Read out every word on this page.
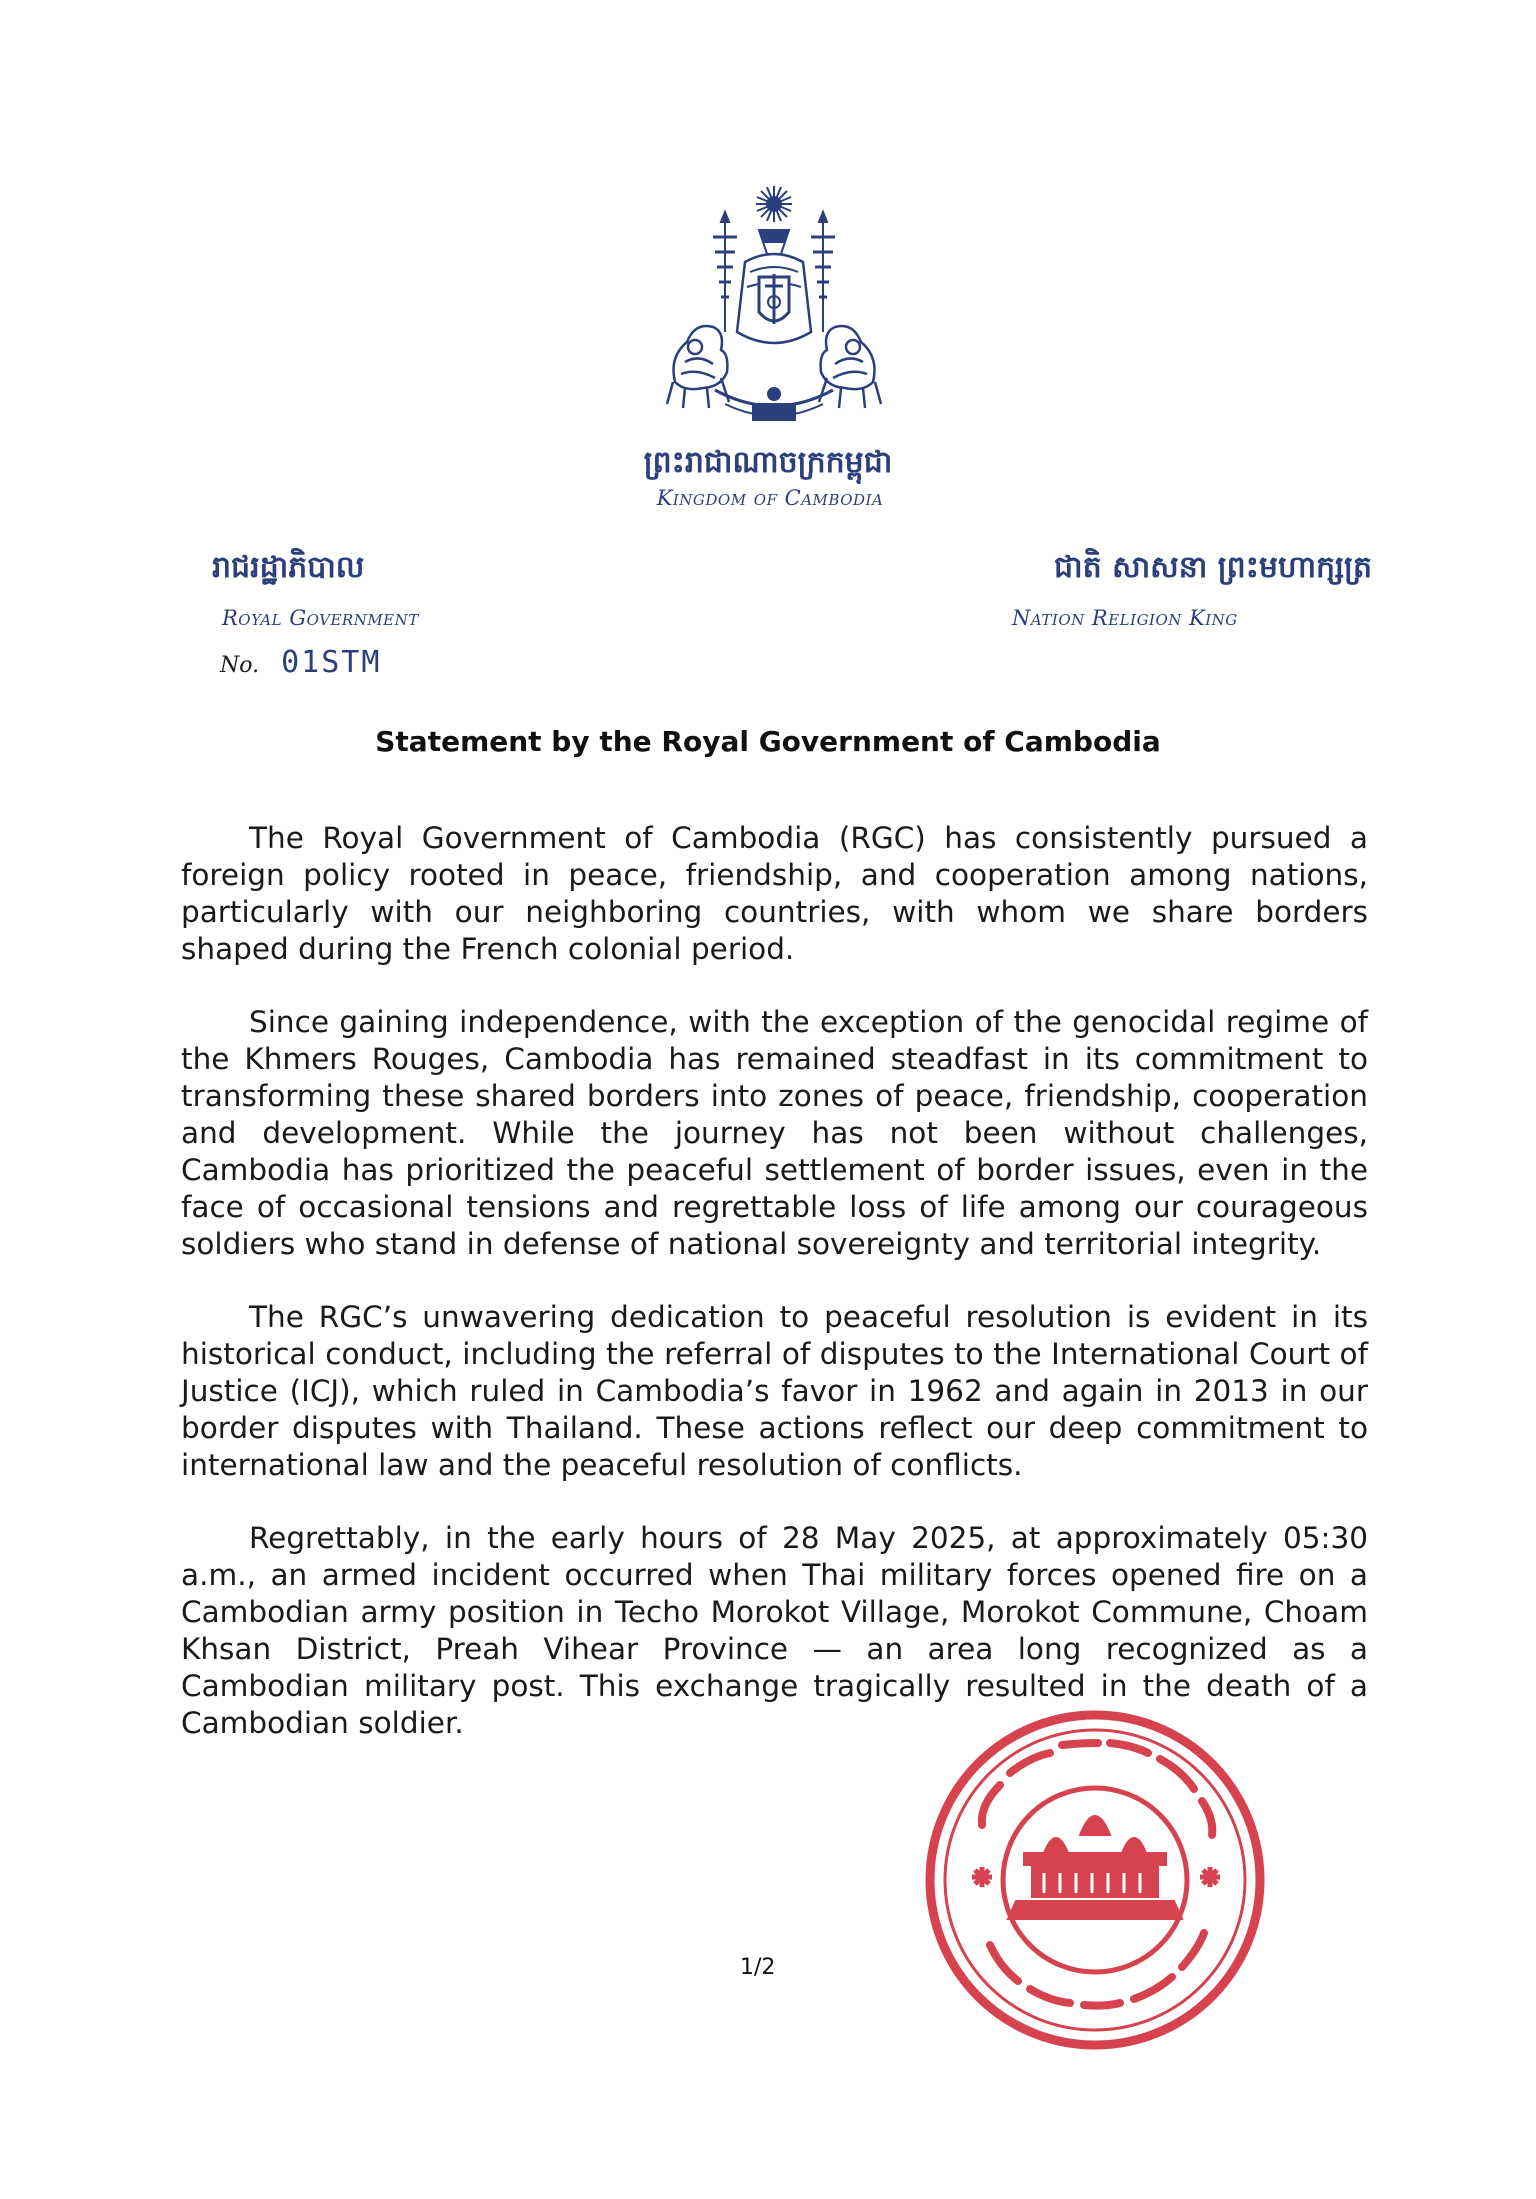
ព្រះរាជាណាចក្រកម្ពុជា
Kingdom of Cambodia
រាជរដ្ឋាភិបាល
Royal Government
No. 01STM
ជាតិ សាសនា ព្រះមហាក្សត្រ
Nation Religion King
Statement by the Royal Government of Cambodia

The Royal Government of Cambodia (RGC) has consistently pursued a foreign policy rooted in peace, friendship, and cooperation among nations, particularly with our neighboring countries, with whom we share borders shaped during the French colonial period.

Since gaining independence, with the exception of the genocidal regime of the Khmers Rouges, Cambodia has remained steadfast in its commitment to transforming these shared borders into zones of peace, friendship, cooperation and development. While the journey has not been without challenges, Cambodia has prioritized the peaceful settlement of border issues, even in the face of occasional tensions and regrettable loss of life among our courageous soldiers who stand in defense of national sovereignty and territorial integrity.

The RGC’s unwavering dedication to peaceful resolution is evident in its historical conduct, including the referral of disputes to the International Court of Justice (ICJ), which ruled in Cambodia’s favor in 1962 and again in 2013 in our border disputes with Thailand. These actions reflect our deep commitment to international law and the peaceful resolution of conflicts.

Regrettably, in the early hours of 28 May 2025, at approximately 05:30 a.m., an armed incident occurred when Thai military forces opened fire on a Cambodian army position in Techo Morokot Village, Morokot Commune, Choam Khsan District, Preah Vihear Province — an area long recognized as a Cambodian military post. This exchange tragically resulted in the death of a Cambodian soldier.

1/2
